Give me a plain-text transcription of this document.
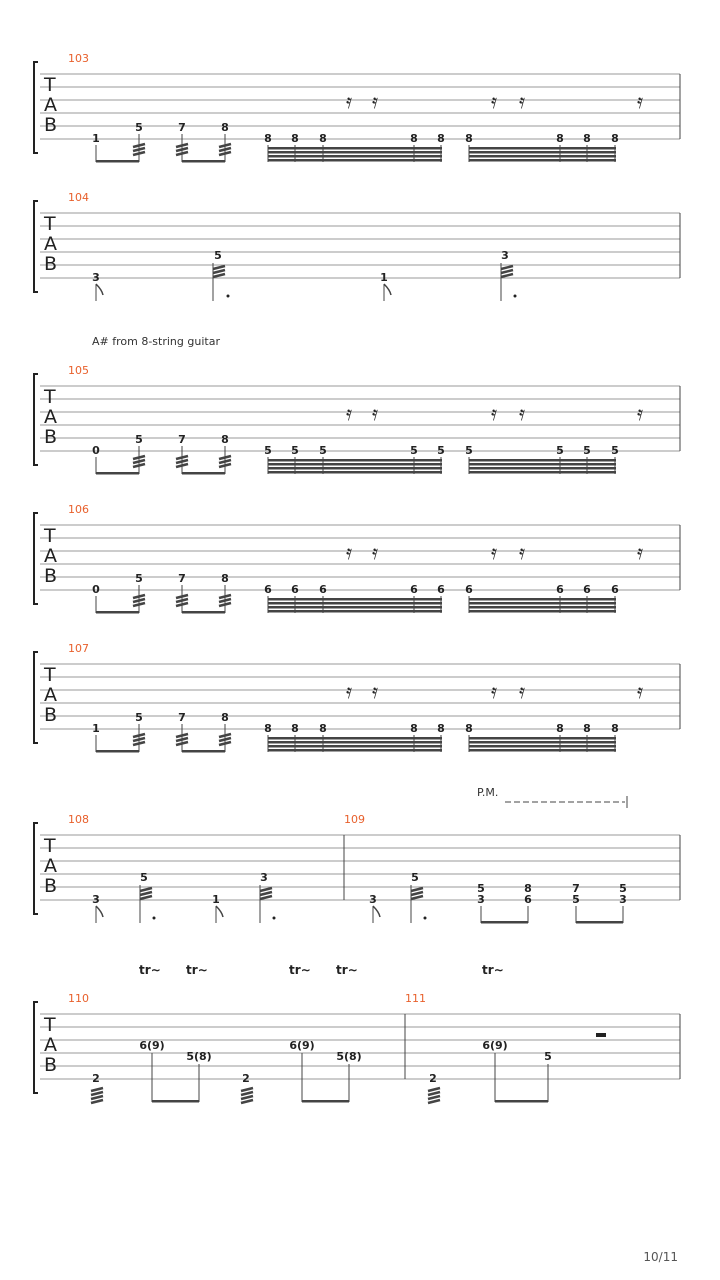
T
A
B
103
𝄿 𝄿	𝄿 𝄿	𝄿
1
5	7	8
8 8 8	8 8 8	8 8 8
T
A
B
104
3
5
1
3
A# from 8-string guitar
T
A
B
105
𝄿 𝄿	𝄿 𝄿	𝄿
0
5	7	8
5 5 5	5 5 5	5 5 5
T
A
B
106
𝄿 𝄿	𝄿 𝄿	𝄿
0
5	7	8
6 6 6	6 6 6	6 6 6
T
A
B
107
𝄿 𝄿	𝄿 𝄿	𝄿
1
5	7	8
8 8 8	8 8 8	8 8 8
P.M.
T
A
B
108	109
3
5
1
3
3
5
5
3
8
6
7
5
5
3
tr∼ tr∼	tr∼ tr∼	tr∼
T
A
B
110	111
2
6(9)
5(8)
2
6(9)
5(8)
2
6(9)
5
10/11
